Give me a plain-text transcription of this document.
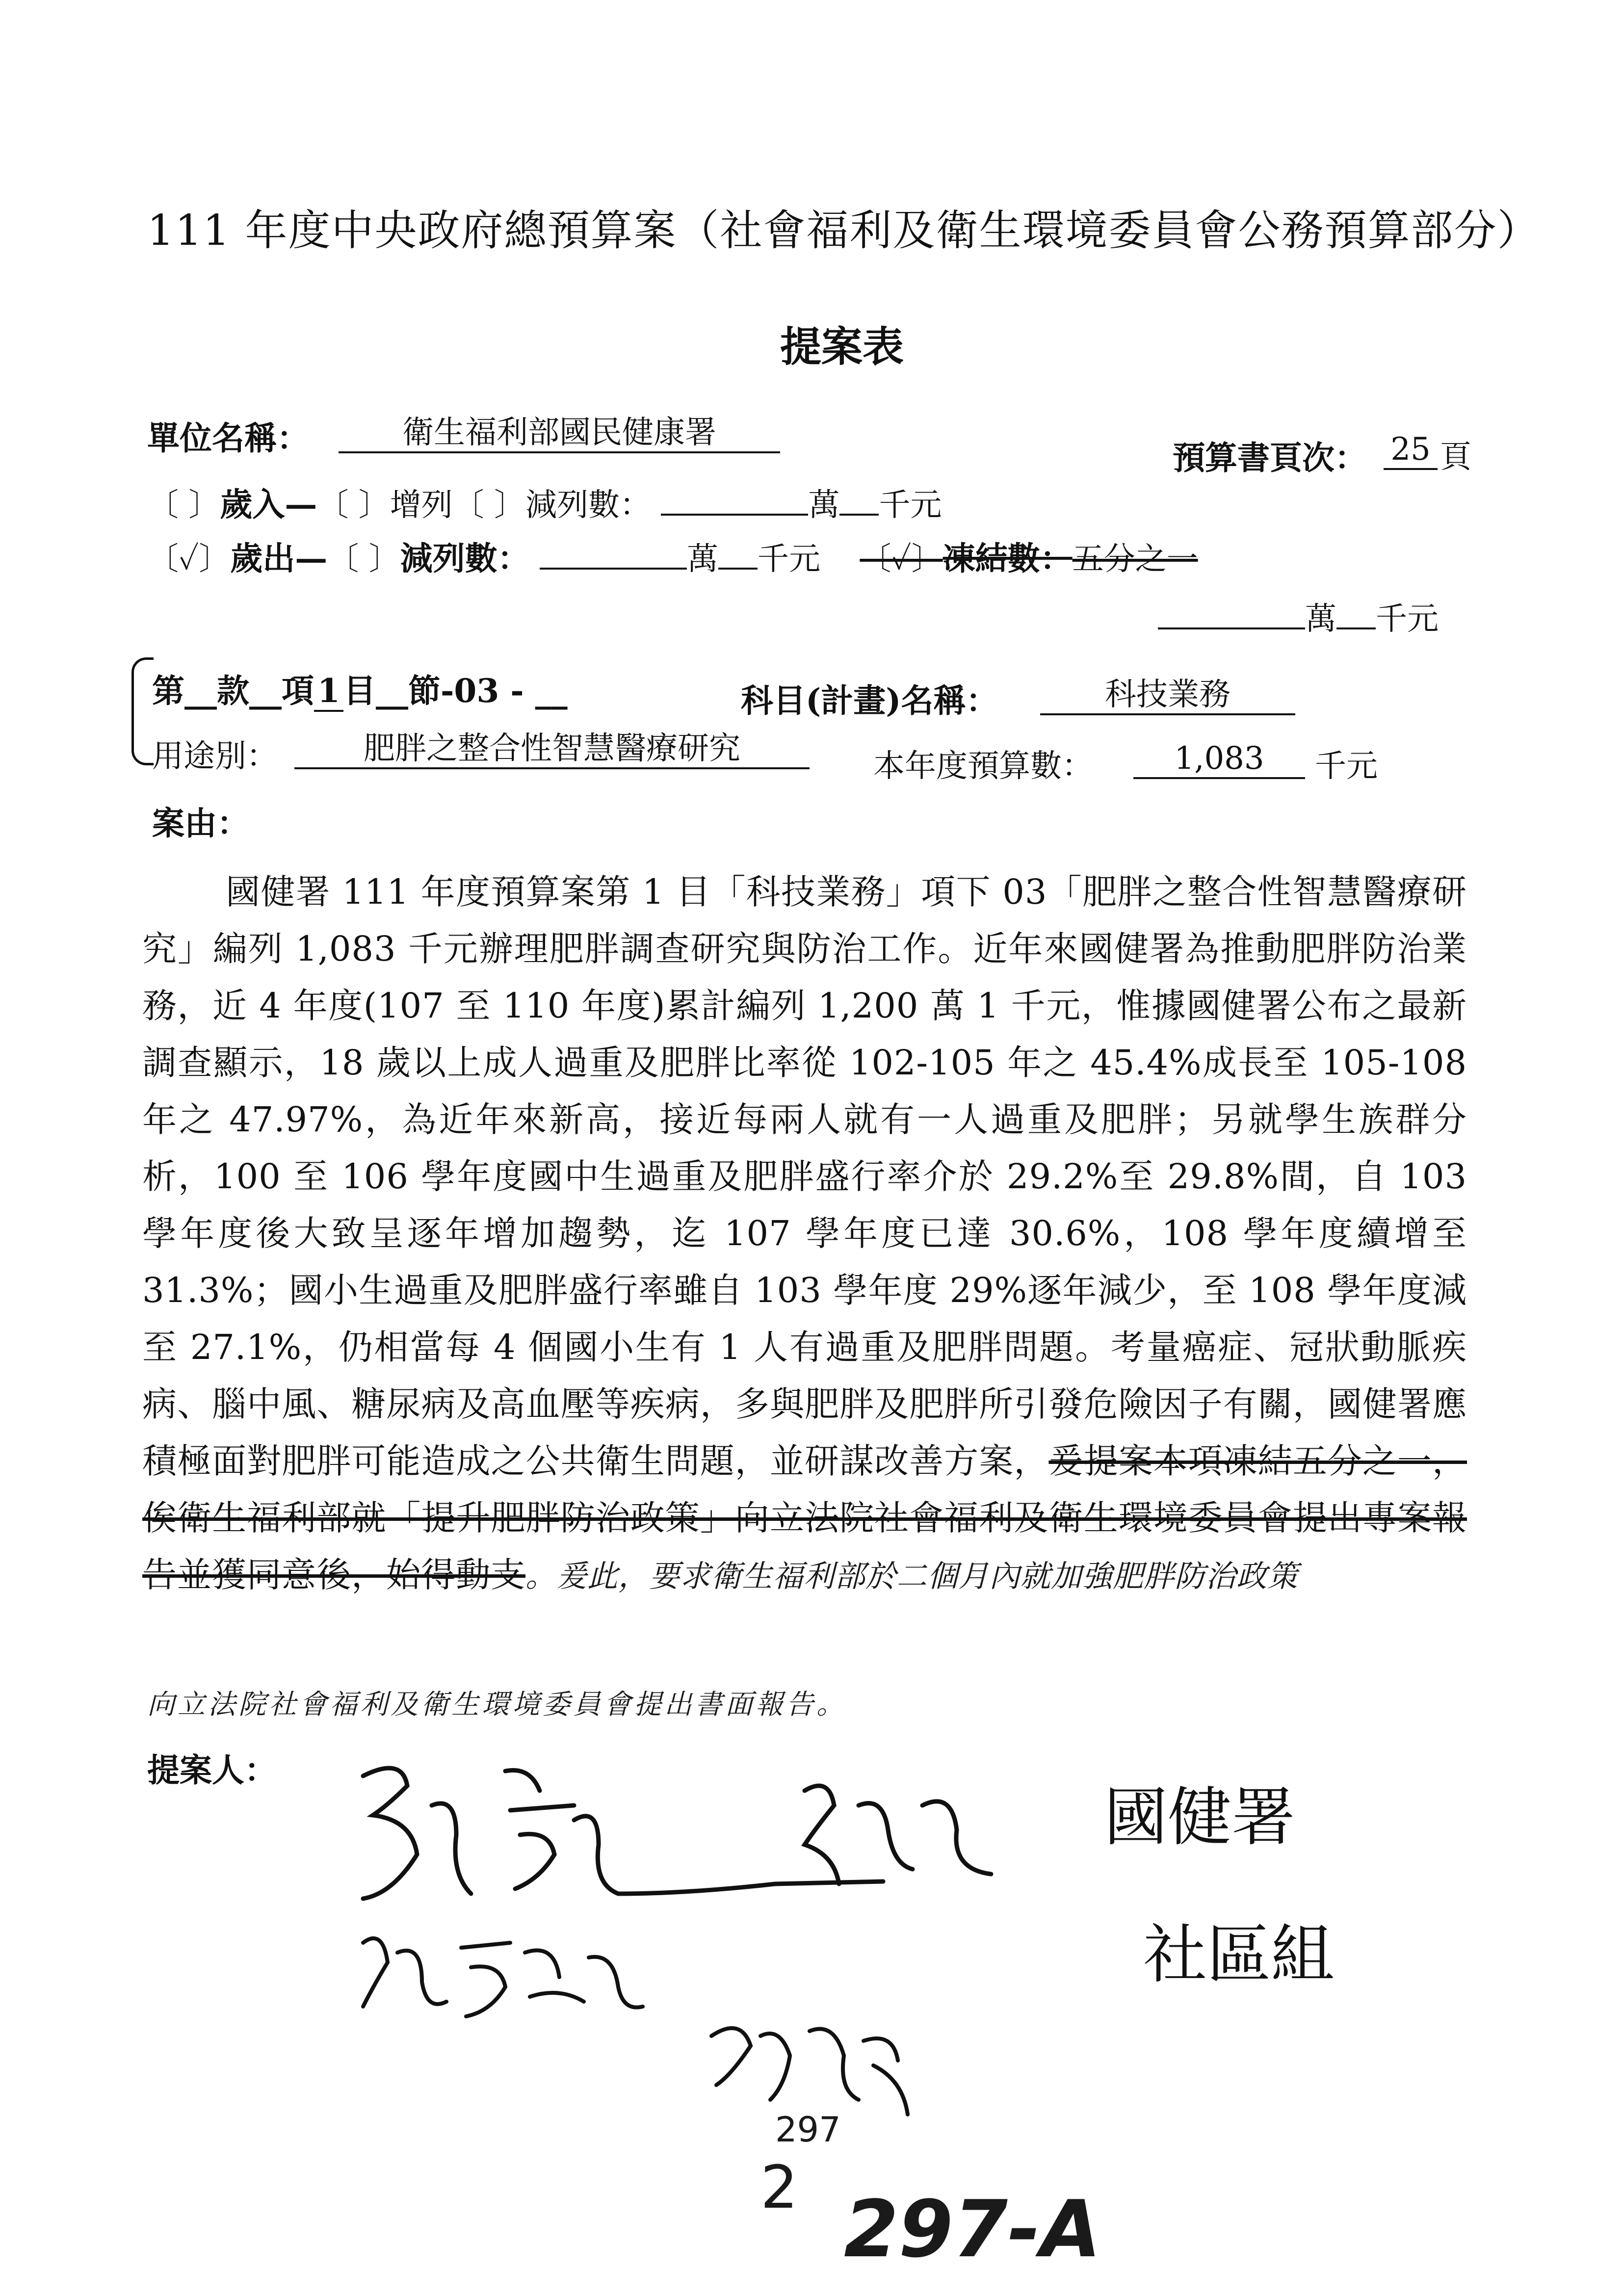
111 年度中央政府總預算案（社會福利及衛生環境委員會公務預算部分）
提案表
單位名稱：	衛生福利部國民健康署
預算書頁次： 25 頁
〔 〕歲入—〔 〕增列〔 〕減列數：	萬 千元
〔✓〕歲出—〔 〕減列數：	萬 千元 〔✓〕凍結數：五分之一
萬 千元
第__款__項 1 目__節-03 - __	科目(計畫)名稱：	科技業務
用途別：	肥胖之整合性智慧醫療研究	本年度預算數：	1,083	千元
案由：

國健署 111 年度預算案第 1 目「科技業務」項下 03「肥胖之整合性智慧醫療研究」編列 1,083 千元辦理肥胖調查研究與防治工作。近年來國健署為推動肥胖防治業務，近 4 年度(107 至 110 年度)累計編列 1,200 萬 1 千元，惟據國健署公布之最新調查顯示，18 歲以上成人過重及肥胖比率從 102-105 年之 45.4%成長至 105-108 年之 47.97%，為近年來新高，接近每兩人就有一人過重及肥胖；另就學生族群分析，100 至 106 學年度國中生過重及肥胖盛行率介於 29.2%至 29.8%間，自 103 學年度後大致呈逐年增加趨勢，迄 107 學年度已達 30.6%，108 學年度續增至 31.3%；國小生過重及肥胖盛行率雖自 103 學年度 29%逐年減少，至 108 學年度減至 27.1%，仍相當每 4 個國小生有 1 人有過重及肥胖問題。考量癌症、冠狀動脈疾病、腦中風、糖尿病及高血壓等疾病，多與肥胖及肥胖所引發危險因子有關，國健署應積極面對肥胖可能造成之公共衛生問題，並研謀改善方案，爰提案本項凍結五分之一，俟衛生福利部就「提升肥胖防治政策」向立法院社會福利及衛生環境委員會提出專案報告並獲同意後，始得動支。爰此，要求衛生福利部於二個月內就加強肥胖防治政策

向立法院社會福利及衛生環境委員會提出書面報告。
提案人：
國健署
社區組
297
2 297-A
